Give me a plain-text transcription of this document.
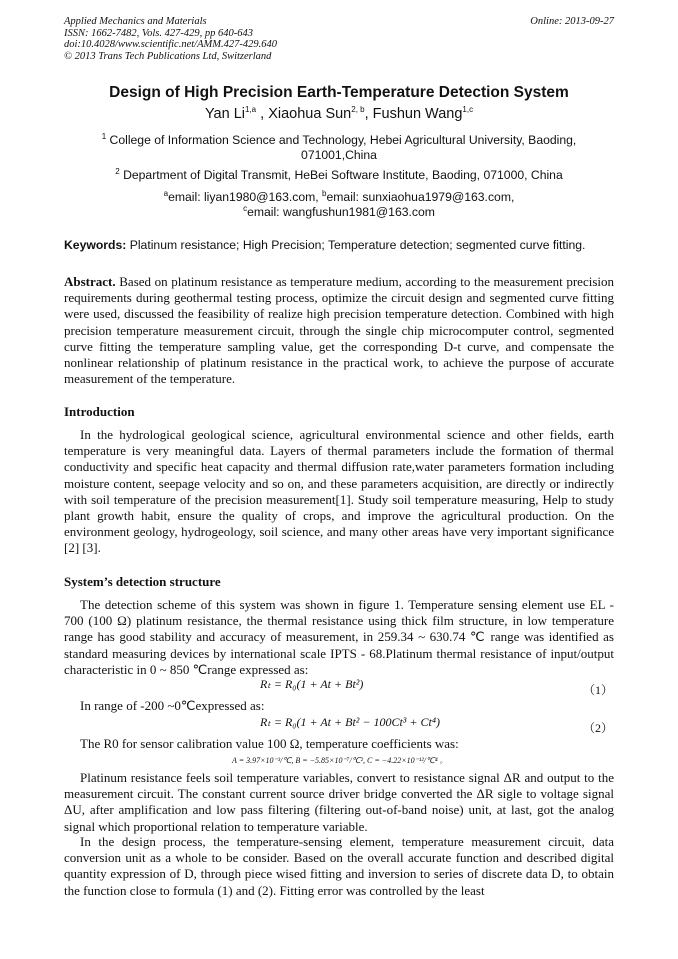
Applied Mechanics and Materials
ISSN: 1662-7482, Vols. 427-429, pp 640-643
doi:10.4028/www.scientific.net/AMM.427-429.640
© 2013 Trans Tech Publications Ltd, Switzerland
Online: 2013-09-27
Design of High Precision Earth-Temperature Detection System
Yan Li$^{1,a}$ , Xiaohua Sun$^{2, b}$, Fushun Wang$^{1,c}$
$^1$ College of Information Science and Technology, Hebei Agricultural University, Baoding,
071001,China
$^2$ Department of Digital Transmit, HeBei Software Institute, Baoding, 071000, China
$^a$email: liyan1980@163.com, $^b$email: sunxiaohua1979@163.com,
$^c$email: wangfushun1981@163.com
Keywords: Platinum resistance; High Precision; Temperature detection; segmented curve fitting.
Abstract. Based on platinum resistance as temperature medium, according to the measurement precision requirements during geothermal testing process, optimize the circuit design and segmented curve fitting were used, discussed the feasibility of realize high precision temperature detection. Combined with high precision temperature measurement circuit, through the single chip microcomputer control, segmented curve fitting the temperature sampling value, get the corresponding D-t curve, and compensate the nonlinear relationship of platinum resistance in the practical work, to achieve the purpose of accurate measurement of the temperature.
Introduction
In the hydrological geological science, agricultural environmental science and other fields, earth temperature is very meaningful data. Layers of thermal parameters include the formation of thermal conductivity and specific heat capacity and thermal diffusion rate,water parameters formation including moisture content, seepage velocity and so on, and these parameters acquisition, are directly or indirectly with soil temperature of the precision measurement[1]. Study soil temperature measuring, Help to study plant growth habit, ensure the quality of crops, and improve the agricultural production. On the environment geology, hydrogeology, soil science, and many other areas have very important significance [2] [3].
System’s detection structure
The detection scheme of this system was shown in figure 1. Temperature sensing element use EL - 700 (100 Ω) platinum resistance, the thermal resistance using thick film structure, in low temperature range has good stability and accuracy of measurement, in 259.34 ~ 630.74 ℃ range was identified as standard measuring devices by international scale IPTS - 68.Platinum thermal resistance of input/output characteristic in 0 ~ 850 ℃range expressed as:
Rₜ = R₀(1 + At + Bt²)	（1）
In range of -200 ~0℃expressed as:
Rₜ = R₀(1 + At + Bt² − 100Ct³ + Ct⁴)	（2）
The R0 for sensor calibration value 100 Ω, temperature coefficients was:
A = 3.97×10⁻³/℃, B = −5.85×10⁻⁷/℃², C = −4.22×10⁻¹²/℃⁴ 。
Platinum resistance feels soil temperature variables, convert to resistance signal ΔR and output to the measurement circuit. The constant current source driver bridge converted the ΔR sigle to voltage signal ΔU, after amplification and low pass filtering (filtering out-of-band noise) unit, at last, got the analog signal which proportional relation to temperature variable.
In the design process, the temperature-sensing element, temperature measurement circuit, data conversion unit as a whole to be consider. Based on the overall accurate function and described digital quantity expression of D, through piece wised fitting and inversion to series of discrete data D, to obtain the function close to formula (1) and (2). Fitting error was controlled by the least
